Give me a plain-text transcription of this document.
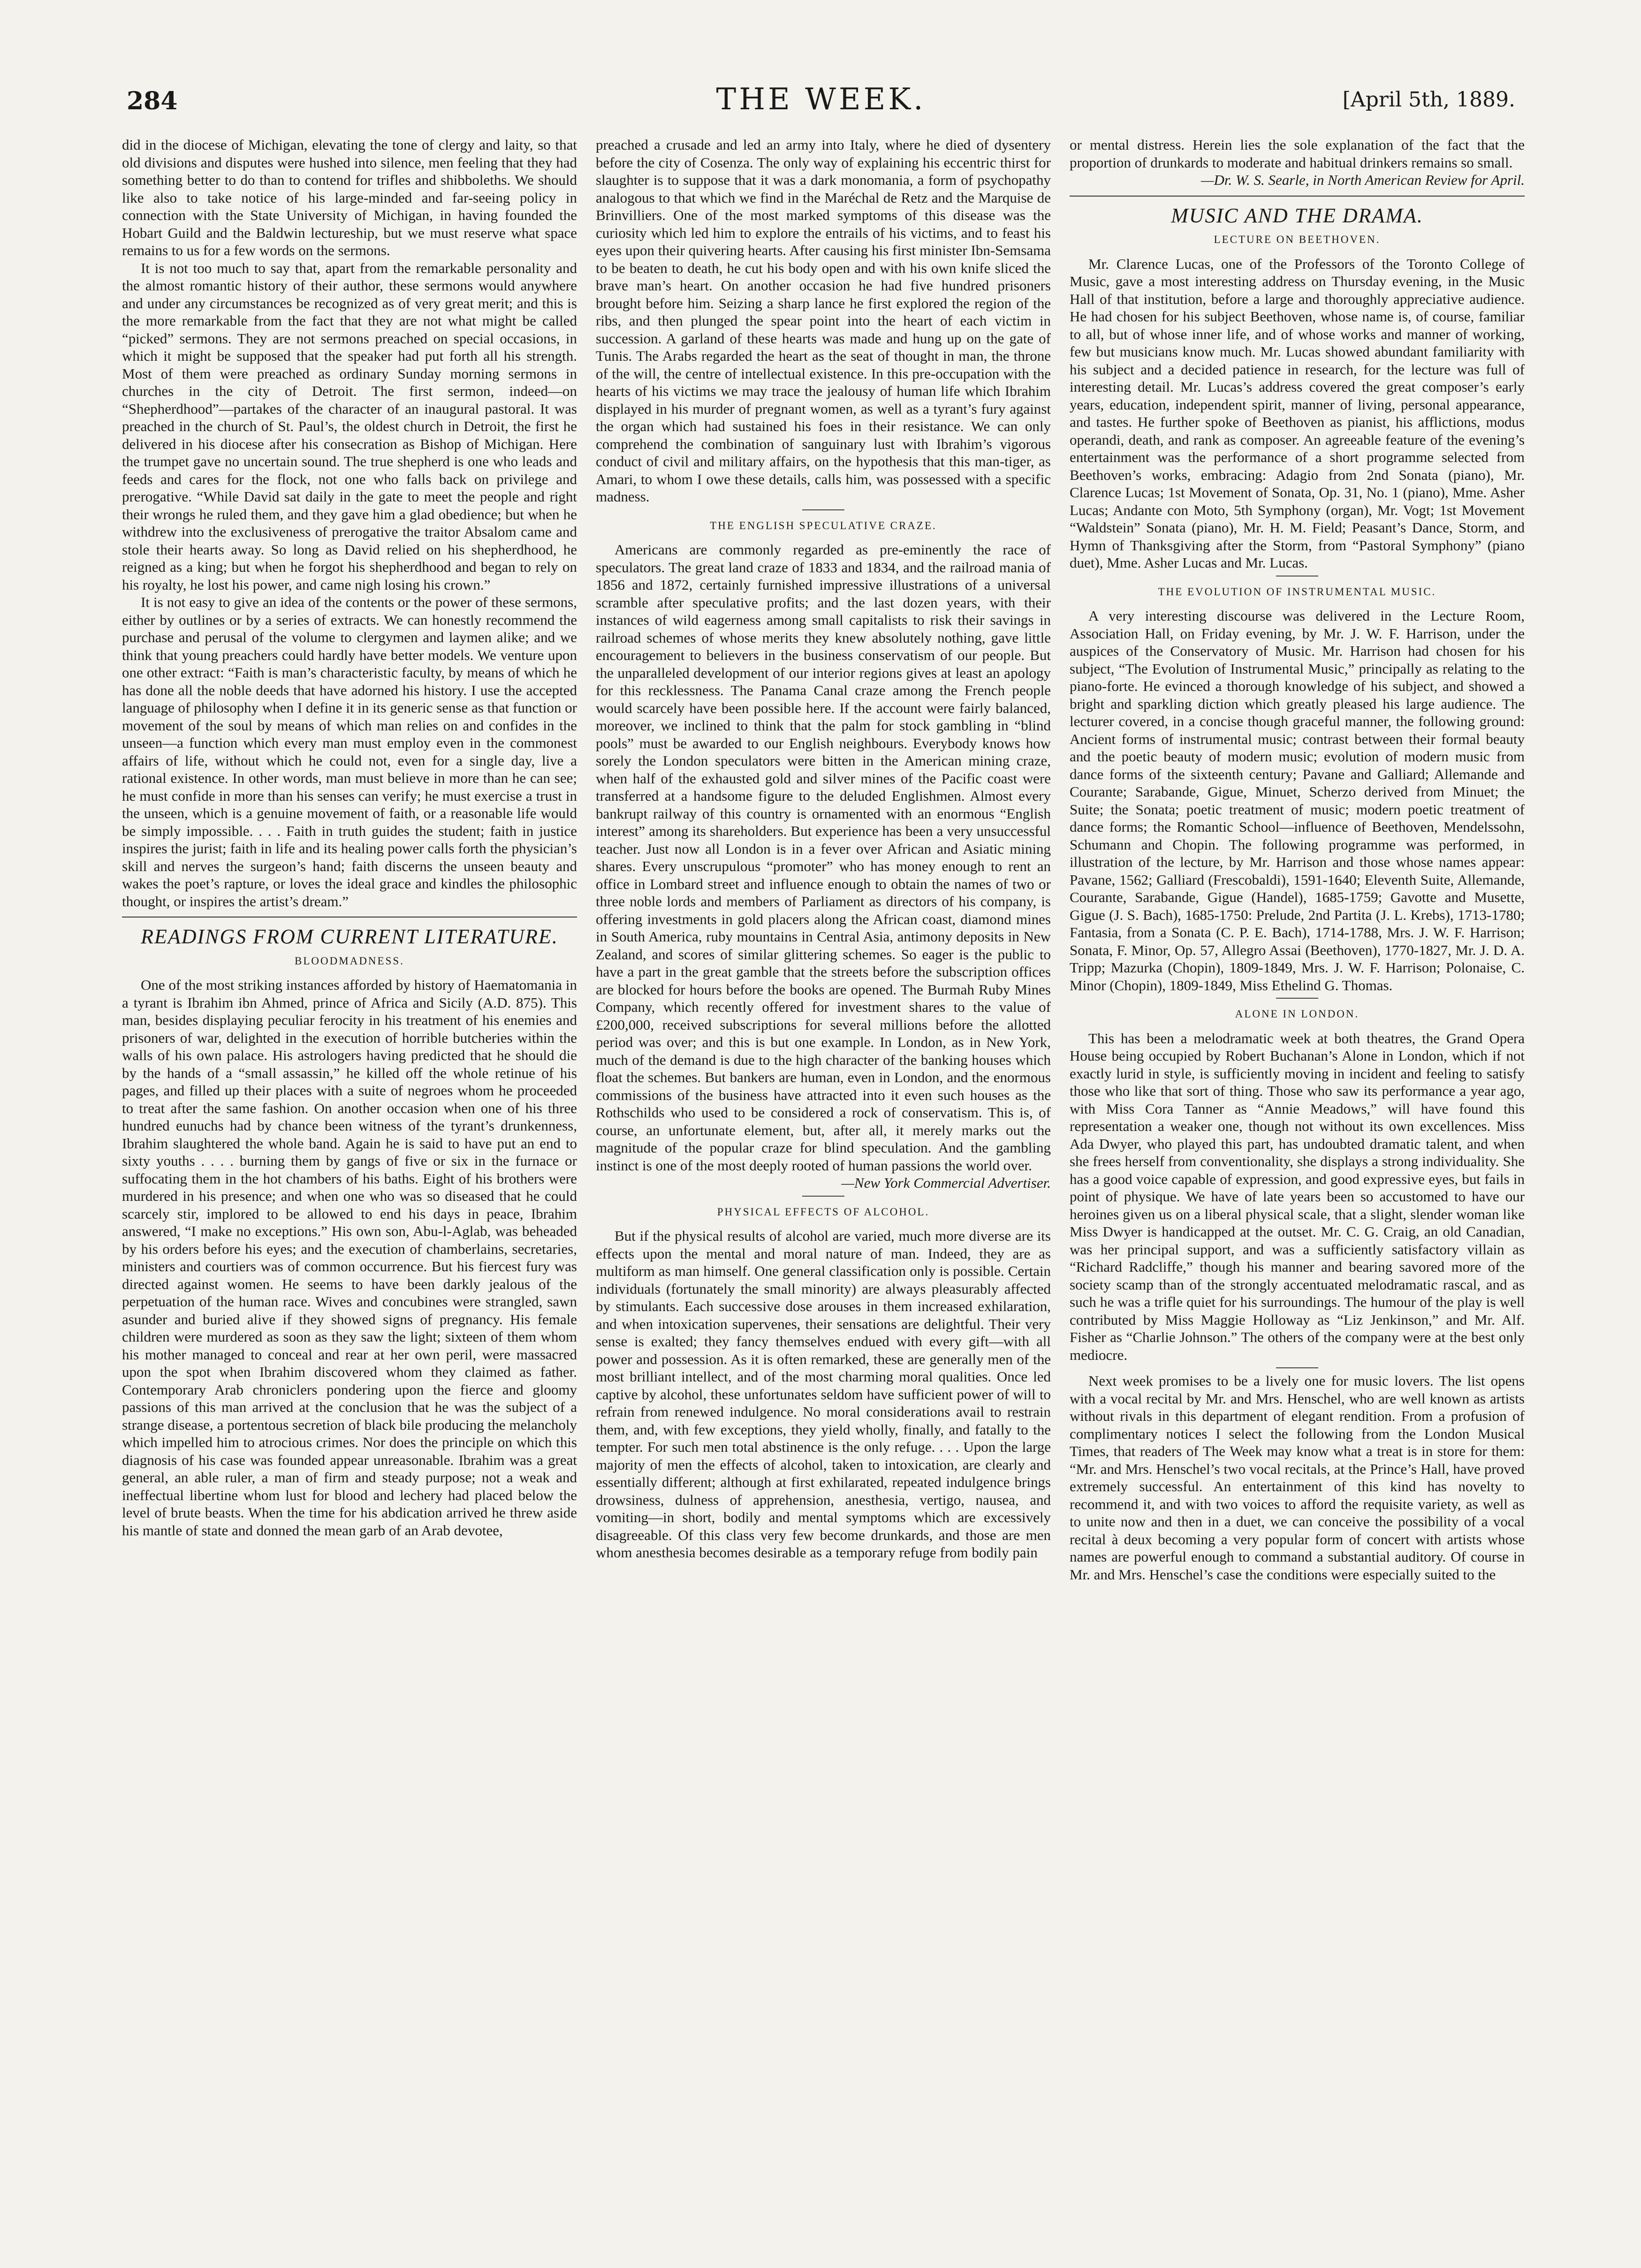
284	THE WEEK.	[April 5th, 1889.

did in the diocese of Michigan, elevating the tone of clergy and laity, so that old divisions and disputes were hushed into silence, men feeling that they had something better to do than to contend for trifles and shibboleths. We should like also to take notice of his large-minded and far-seeing policy in connection with the State University of Michigan, in having founded the Hobart Guild and the Baldwin lectureship, but we must reserve what space remains to us for a few words on the sermons.

It is not too much to say that, apart from the remarkable personality and the almost romantic history of their author, these sermons would anywhere and under any circumstances be recognized as of very great merit; and this is the more remarkable from the fact that they are not what might be called “picked” sermons. They are not sermons preached on special occasions, in which it might be supposed that the speaker had put forth all his strength. Most of them were preached as ordinary Sunday morning sermons in churches in the city of Detroit. The first sermon, indeed—on “Shepherdhood”—partakes of the character of an inaugural pastoral. It was preached in the church of St. Paul’s, the oldest church in Detroit, the first he delivered in his diocese after his consecration as Bishop of Michigan. Here the trumpet gave no uncertain sound. The true shepherd is one who leads and feeds and cares for the flock, not one who falls back on privilege and prerogative. “While David sat daily in the gate to meet the people and right their wrongs he ruled them, and they gave him a glad obedience; but when he withdrew into the exclusiveness of prerogative the traitor Absalom came and stole their hearts away. So long as David relied on his shepherdhood, he reigned as a king; but when he forgot his shepherdhood and began to rely on his royalty, he lost his power, and came nigh losing his crown.”

It is not easy to give an idea of the contents or the power of these sermons, either by outlines or by a series of extracts. We can honestly recommend the purchase and perusal of the volume to clergymen and laymen alike; and we think that young preachers could hardly have better models. We venture upon one other extract: “Faith is man’s characteristic faculty, by means of which he has done all the noble deeds that have adorned his history. I use the accepted language of philosophy when I define it in its generic sense as that function or movement of the soul by means of which man relies on and confides in the unseen—a function which every man must employ even in the commonest affairs of life, without which he could not, even for a single day, live a rational existence. In other words, man must believe in more than he can see; he must confide in more than his senses can verify; he must exercise a trust in the unseen, which is a genuine movement of faith, or a reasonable life would be simply impossible. . . . Faith in truth guides the student; faith in justice inspires the jurist; faith in life and its healing power calls forth the physician’s skill and nerves the surgeon’s hand; faith discerns the unseen beauty and wakes the poet’s rapture, or loves the ideal grace and kindles the philosophic thought, or inspires the artist’s dream.”

READINGS FROM CURRENT LITERATURE.
BLOODMADNESS.

One of the most striking instances afforded by history of Haematomania in a tyrant is Ibrahim ibn Ahmed, prince of Africa and Sicily (A.D. 875). This man, besides displaying peculiar ferocity in his treatment of his enemies and prisoners of war, delighted in the execution of horrible butcheries within the walls of his own palace. His astrologers having predicted that he should die by the hands of a “small assassin,” he killed off the whole retinue of his pages, and filled up their places with a suite of negroes whom he proceeded to treat after the same fashion. On another occasion when one of his three hundred eunuchs had by chance been witness of the tyrant’s drunkenness, Ibrahim slaughtered the whole band. Again he is said to have put an end to sixty youths . . . . burning them by gangs of five or six in the furnace or suffocating them in the hot chambers of his baths. Eight of his brothers were murdered in his presence; and when one who was so diseased that he could scarcely stir, implored to be allowed to end his days in peace, Ibrahim answered, “I make no exceptions.” His own son, Abu-l-Aglab, was beheaded by his orders before his eyes; and the execution of chamberlains, secretaries, ministers and courtiers was of common occurrence. But his fiercest fury was directed against women. He seems to have been darkly jealous of the perpetuation of the human race. Wives and concubines were strangled, sawn asunder and buried alive if they showed signs of pregnancy. His female children were murdered as soon as they saw the light; sixteen of them whom his mother managed to conceal and rear at her own peril, were massacred upon the spot when Ibrahim discovered whom they claimed as father. Contemporary Arab chroniclers pondering upon the fierce and gloomy passions of this man arrived at the conclusion that he was the subject of a strange disease, a portentous secretion of black bile producing the melancholy which impelled him to atrocious crimes. Nor does the principle on which this diagnosis of his case was founded appear unreasonable. Ibrahim was a great general, an able ruler, a man of firm and steady purpose; not a weak and ineffectual libertine whom lust for blood and lechery had placed below the level of brute beasts. When the time for his abdication arrived he threw aside his mantle of state and donned the mean garb of an Arab devotee,

preached a crusade and led an army into Italy, where he died of dysentery before the city of Cosenza. The only way of explaining his eccentric thirst for slaughter is to suppose that it was a dark monomania, a form of psychopathy analogous to that which we find in the Maréchal de Retz and the Marquise de Brinvilliers. One of the most marked symptoms of this disease was the curiosity which led him to explore the entrails of his victims, and to feast his eyes upon their quivering hearts. After causing his first minister Ibn-Semsama to be beaten to death, he cut his body open and with his own knife sliced the brave man’s heart. On another occasion he had five hundred prisoners brought before him. Seizing a sharp lance he first explored the region of the ribs, and then plunged the spear point into the heart of each victim in succession. A garland of these hearts was made and hung up on the gate of Tunis. The Arabs regarded the heart as the seat of thought in man, the throne of the will, the centre of intellectual existence. In this pre-occupation with the hearts of his victims we may trace the jealousy of human life which Ibrahim displayed in his murder of pregnant women, as well as a tyrant’s fury against the organ which had sustained his foes in their resistance. We can only comprehend the combination of sanguinary lust with Ibrahim’s vigorous conduct of civil and military affairs, on the hypothesis that this man-tiger, as Amari, to whom I owe these details, calls him, was possessed with a specific madness.

THE ENGLISH SPECULATIVE CRAZE.

Americans are commonly regarded as pre-eminently the race of speculators. The great land craze of 1833 and 1834, and the railroad mania of 1856 and 1872, certainly furnished impressive illustrations of a universal scramble after speculative profits; and the last dozen years, with their instances of wild eagerness among small capitalists to risk their savings in railroad schemes of whose merits they knew absolutely nothing, gave little encouragement to believers in the business conservatism of our people. But the unparalleled development of our interior regions gives at least an apology for this recklessness. The Panama Canal craze among the French people would scarcely have been possible here. If the account were fairly balanced, moreover, we inclined to think that the palm for stock gambling in “blind pools” must be awarded to our English neighbours. Everybody knows how sorely the London speculators were bitten in the American mining craze, when half of the exhausted gold and silver mines of the Pacific coast were transferred at a handsome figure to the deluded Englishmen. Almost every bankrupt railway of this country is ornamented with an enormous “English interest” among its shareholders. But experience has been a very unsuccessful teacher. Just now all London is in a fever over African and Asiatic mining shares. Every unscrupulous “promoter” who has money enough to rent an office in Lombard street and influence enough to obtain the names of two or three noble lords and members of Parliament as directors of his company, is offering investments in gold placers along the African coast, diamond mines in South America, ruby mountains in Central Asia, antimony deposits in New Zealand, and scores of similar glittering schemes. So eager is the public to have a part in the great gamble that the streets before the subscription offices are blocked for hours before the books are opened. The Burmah Ruby Mines Company, which recently offered for investment shares to the value of £200,000, received subscriptions for several millions before the allotted period was over; and this is but one example. In London, as in New York, much of the demand is due to the high character of the banking houses which float the schemes. But bankers are human, even in London, and the enormous commissions of the business have attracted into it even such houses as the Rothschilds who used to be considered a rock of conservatism. This is, of course, an unfortunate element, but, after all, it merely marks out the magnitude of the popular craze for blind speculation. And the gambling instinct is one of the most deeply rooted of human passions the world over.

—New York Commercial Advertiser.

PHYSICAL EFFECTS OF ALCOHOL.

But if the physical results of alcohol are varied, much more diverse are its effects upon the mental and moral nature of man. Indeed, they are as multiform as man himself. One general classification only is possible. Certain individuals (fortunately the small minority) are always pleasurably affected by stimulants. Each successive dose arouses in them increased exhilaration, and when intoxication supervenes, their sensations are delightful. Their very sense is exalted; they fancy themselves endued with every gift—with all power and possession. As it is often remarked, these are generally men of the most brilliant intellect, and of the most charming moral qualities. Once led captive by alcohol, these unfortunates seldom have sufficient power of will to refrain from renewed indulgence. No moral considerations avail to restrain them, and, with few exceptions, they yield wholly, finally, and fatally to the tempter. For such men total abstinence is the only refuge. . . . Upon the large majority of men the effects of alcohol, taken to intoxication, are clearly and essentially different; although at first exhilarated, repeated indulgence brings drowsiness, dulness of apprehension, anesthesia, vertigo, nausea, and vomiting—in short, bodily and mental symptoms which are excessively disagreeable. Of this class very few become drunkards, and those are men whom anesthesia becomes desirable as a temporary refuge from bodily pain

or mental distress. Herein lies the sole explanation of the fact that the proportion of drunkards to moderate and habitual drinkers remains so small.

—Dr. W. S. Searle, in North American Review for April.

MUSIC AND THE DRAMA.
LECTURE ON BEETHOVEN.

Mr. Clarence Lucas, one of the Professors of the Toronto College of Music, gave a most interesting address on Thursday evening, in the Music Hall of that institution, before a large and thoroughly appreciative audience. He had chosen for his subject Beethoven, whose name is, of course, familiar to all, but of whose inner life, and of whose works and manner of working, few but musicians know much. Mr. Lucas showed abundant familiarity with his subject and a decided patience in research, for the lecture was full of interesting detail. Mr. Lucas’s address covered the great composer’s early years, education, independent spirit, manner of living, personal appearance, and tastes. He further spoke of Beethoven as pianist, his afflictions, modus operandi, death, and rank as composer. An agreeable feature of the evening’s entertainment was the performance of a short programme selected from Beethoven’s works, embracing: Adagio from 2nd Sonata (piano), Mr. Clarence Lucas; 1st Movement of Sonata, Op. 31, No. 1 (piano), Mme. Asher Lucas; Andante con Moto, 5th Symphony (organ), Mr. Vogt; 1st Movement “Waldstein” Sonata (piano), Mr. H. M. Field; Peasant’s Dance, Storm, and Hymn of Thanksgiving after the Storm, from “Pastoral Symphony” (piano duet), Mme. Asher Lucas and Mr. Lucas.

THE EVOLUTION OF INSTRUMENTAL MUSIC.

A very interesting discourse was delivered in the Lecture Room, Association Hall, on Friday evening, by Mr. J. W. F. Harrison, under the auspices of the Conservatory of Music. Mr. Harrison had chosen for his subject, “The Evolution of Instrumental Music,” principally as relating to the piano-forte. He evinced a thorough knowledge of his subject, and showed a bright and sparkling diction which greatly pleased his large audience. The lecturer covered, in a concise though graceful manner, the following ground: Ancient forms of instrumental music; contrast between their formal beauty and the poetic beauty of modern music; evolution of modern music from dance forms of the sixteenth century; Pavane and Galliard; Allemande and Courante; Sarabande, Gigue, Minuet, Scherzo derived from Minuet; the Suite; the Sonata; poetic treatment of music; modern poetic treatment of dance forms; the Romantic School—influence of Beethoven, Mendelssohn, Schumann and Chopin. The following programme was performed, in illustration of the lecture, by Mr. Harrison and those whose names appear: Pavane, 1562; Galliard (Frescobaldi), 1591-1640; Eleventh Suite, Allemande, Courante, Sarabande, Gigue (Handel), 1685-1759; Gavotte and Musette, Gigue (J. S. Bach), 1685-1750: Prelude, 2nd Partita (J. L. Krebs), 1713-1780; Fantasia, from a Sonata (C. P. E. Bach), 1714-1788, Mrs. J. W. F. Harrison; Sonata, F. Minor, Op. 57, Allegro Assai (Beethoven), 1770-1827, Mr. J. D. A. Tripp; Mazurka (Chopin), 1809-1849, Mrs. J. W. F. Harrison; Polonaise, C. Minor (Chopin), 1809-1849, Miss Ethelind G. Thomas.

ALONE IN LONDON.

This has been a melodramatic week at both theatres, the Grand Opera House being occupied by Robert Buchanan’s Alone in London, which if not exactly lurid in style, is sufficiently moving in incident and feeling to satisfy those who like that sort of thing. Those who saw its performance a year ago, with Miss Cora Tanner as “Annie Meadows,” will have found this representation a weaker one, though not without its own excellences. Miss Ada Dwyer, who played this part, has undoubted dramatic talent, and when she frees herself from conventionality, she displays a strong individuality. She has a good voice capable of expression, and good expressive eyes, but fails in point of physique. We have of late years been so accustomed to have our heroines given us on a liberal physical scale, that a slight, slender woman like Miss Dwyer is handicapped at the outset. Mr. C. G. Craig, an old Canadian, was her principal support, and was a sufficiently satisfactory villain as “Richard Radcliffe,” though his manner and bearing savored more of the society scamp than of the strongly accentuated melodramatic rascal, and as such he was a trifle quiet for his surroundings. The humour of the play is well contributed by Miss Maggie Holloway as “Liz Jenkinson,” and Mr. Alf. Fisher as “Charlie Johnson.” The others of the company were at the best only mediocre.

Next week promises to be a lively one for music lovers. The list opens with a vocal recital by Mr. and Mrs. Henschel, who are well known as artists without rivals in this department of elegant rendition. From a profusion of complimentary notices I select the following from the London Musical Times, that readers of The Week may know what a treat is in store for them: “Mr. and Mrs. Henschel’s two vocal recitals, at the Prince’s Hall, have proved extremely successful. An entertainment of this kind has novelty to recommend it, and with two voices to afford the requisite variety, as well as to unite now and then in a duet, we can conceive the possibility of a vocal recital à deux becoming a very popular form of concert with artists whose names are powerful enough to command a substantial auditory. Of course in Mr. and Mrs. Henschel’s case the conditions were especially suited to the
